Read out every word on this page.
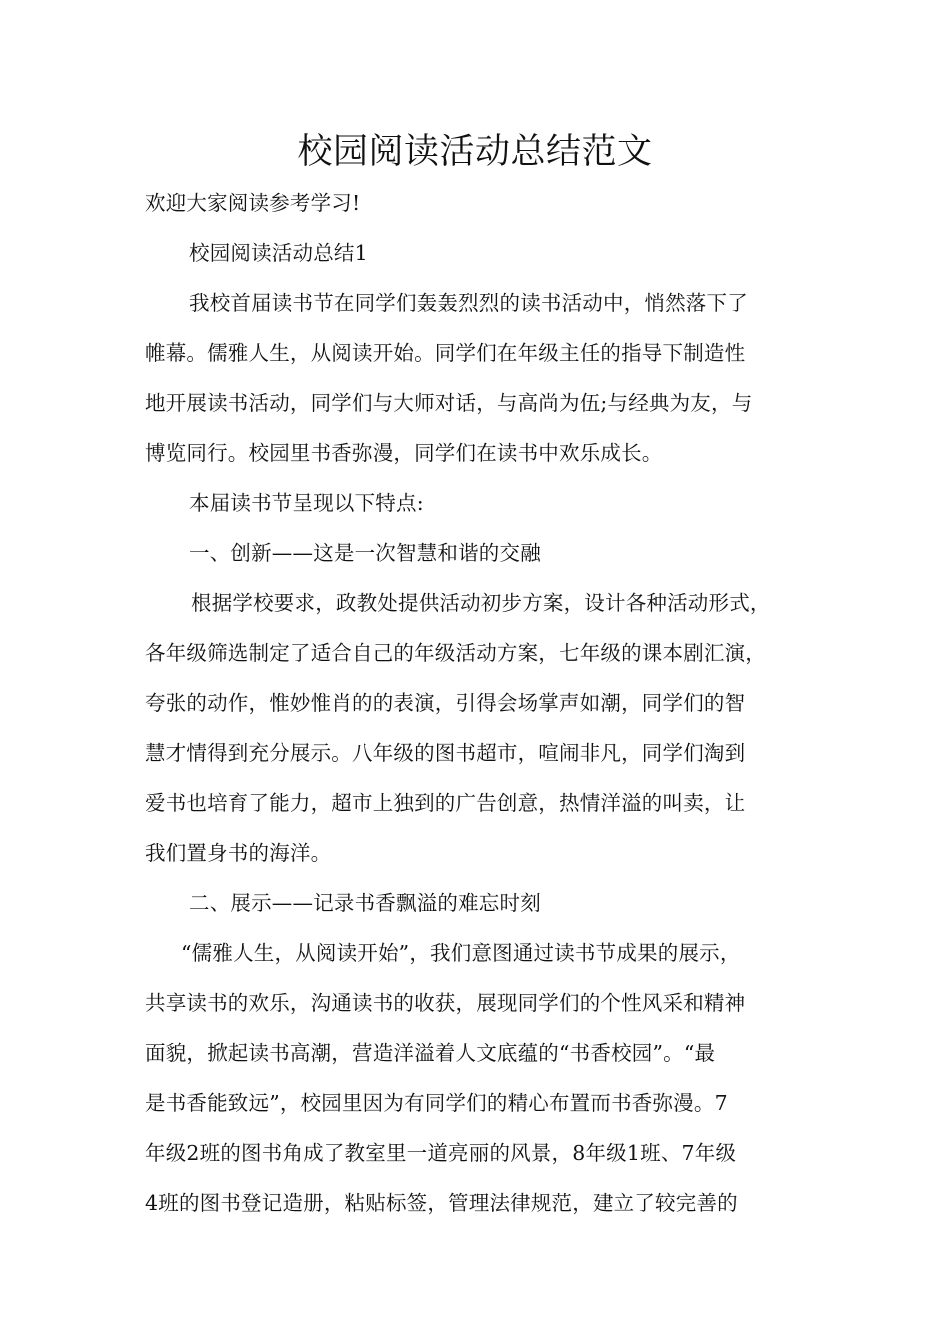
校园阅读活动总结范文
欢迎大家阅读参考学习!
校园阅读活动总结1
我校首届读书节在同学们轰轰烈烈的读书活动中，悄然落下了
帷幕。儒雅人生，从阅读开始。同学们在年级主任的指导下制造性
地开展读书活动，同学们与大师对话，与高尚为伍;与经典为友，与
博览同行。校园里书香弥漫，同学们在读书中欢乐成长。
本届读书节呈现以下特点:
一、创新——这是一次智慧和谐的交融
根据学校要求，政教处提供活动初步方案，设计各种活动形式，
各年级筛选制定了适合自己的年级活动方案，七年级的课本剧汇演，
夸张的动作，惟妙惟肖的的表演，引得会场掌声如潮，同学们的智
慧才情得到充分展示。八年级的图书超市，喧闹非凡，同学们淘到
爱书也培育了能力，超市上独到的广告创意，热情洋溢的叫卖，让
我们置身书的海洋。
二、展示——记录书香飘溢的难忘时刻
“儒雅人生，从阅读开始”，我们意图通过读书节成果的展示，
共享读书的欢乐，沟通读书的收获，展现同学们的个性风采和精神
面貌，掀起读书高潮，营造洋溢着人文底蕴的“书香校园”。“最
是书香能致远”，校园里因为有同学们的精心布置而书香弥漫。7
年级2班的图书角成了教室里一道亮丽的风景，8年级1班、7年级
4班的图书登记造册，粘贴标签，管理法律规范，建立了较完善的
